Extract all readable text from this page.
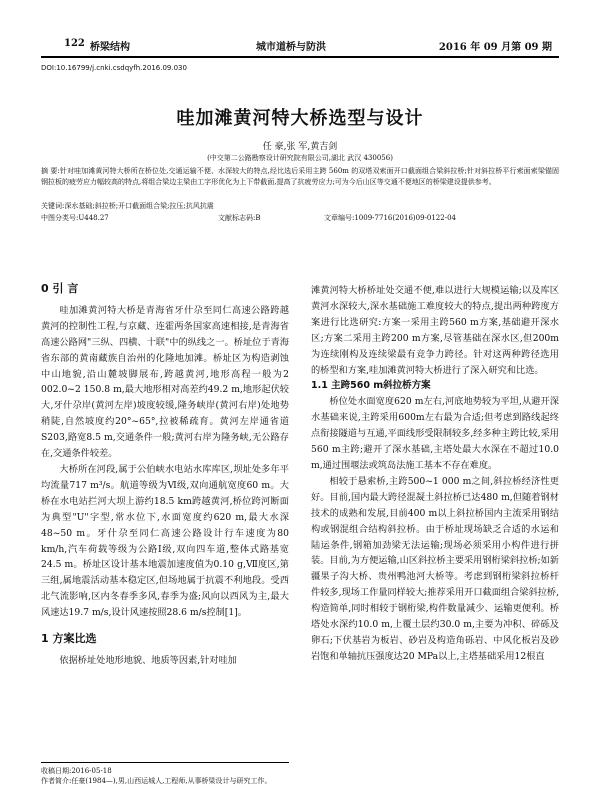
122 桥梁结构	城市道桥与防洪	2016 年 09 月第 09 期
DOI:10.16799/j.cnki.csdqyfh.2016.09.030
哇加滩黄河特大桥选型与设计
任 豪,张 军,黄吉剑
(中交第二公路勘察设计研究院有限公司,湖北 武汉 430056)
摘 要:针对哇加滩黄河特大桥所在桥位处,交通运输不便、水深较大的特点,经比选后采用主跨 560m 的双塔双索面开口截面组合梁斜拉桥;针对斜拉桥平行索面索梁锚固钢拉板的疲劳应力幅较高的特点,将组合梁边主梁由工字形优化为上下带截面,提高了抗疲劳应力;可为今后山区等交通不便地区的桥梁建设提供参考。
关键词:深水基础;斜拉桥;开口截面组合梁;拉压;抗风抗震
中图分类号:U448.27	文献标志码:B	文章编号:1009-7716(2016)09-0122-04
0 引 言

哇加滩黄河特大桥是青海省牙什尕至同仁高速公路跨越黄河的控制性工程,与京藏、连霍两条国家高速相接,是青海省高速公路网"三纵、四横、十联"中的纵线之一。桥址位于青海省东部的黄南藏族自治州的化隆地加滩。桥址区为构造剥蚀中山地貌,沿山麓坡脚展布,跨越黄河,地形高程一般为2 002.0~2 150.8 m,最大地形相对高差约49.2 m,地形起伏较大,牙什尕岸(黄河左岸)坡度较缓,隆务峡岸(黄河右岸)处地势稍陡,自然坡度约20°~65°,拉被稀疏育。黄河左岸通省道S203,路宽8.5 m,交通条件一般;黄河右岸为隆务峡,无公路存在,交通条件较差。

大桥所在河段,属于公伯峡水电站水库库区,坝址处多年平均流量717 m³/s。航道等级为Ⅵ级,双向通航宽度60 m。大桥在水电站拦河大坝上游约18.5 km跨越黄河,桥位跨河断面为典型"U"字型,常水位下,水面宽度约620 m,最大水深48~50 m。牙什尕至同仁高速公路设计行车速度为80 km/h,汽车荷载等级为公路Ⅰ级,双向四车道,整体式路基宽24.5 m。桥址区设计基本地震加速度值为0.10 g,Ⅶ度区,第三组,属地震活动基本稳定区,但场地属于抗震不利地段。受西北气流影响,区内冬春季多风,春季为盛;风向以西风为主,最大风速达19.7 m/s,设计风速按照28.6 m/s控制[1]。

1 方案比选

依据桥址处地形地貌、地质等因素,针对哇加

滩黄河特大桥桥址处交通不便,难以进行大规模运输;以及库区黄河水深较大,深水基础施工难度较大的特点,提出两种跨度方案进行比选研究:方案一采用主跨560 m方案,基础避开深水区;方案二采用主跨200 m方案,尽管基础在深水区,但200m为连续刚构及连续梁最有竞争力跨径。针对这两种跨径选用的桥型和方案,哇加滩黄河特大桥进行了深入研究和比选。

1.1 主跨560 m斜拉桥方案

桥位处水面宽度620 m左右,河底地势较为平坦,从避开深水基础来说,主跨采用600m左右最为合适;但考虑到路线起终点衔接隧道与互通,平面线形受限制较多,经多种主跨比较,采用560 m主跨;避开了深水基础,主塔处最大水深在不超过10.0 m,通过围堰法或筑岛法施工基本不存在难度。

相较于悬索桥,主跨500~1 000 m之间,斜拉桥经济性更好。目前,国内最大跨径混凝土斜拉桥已达480 m,但随着钢材技术的成熟和发展,目前400 m以上斜拉桥国内主流采用钢结构或钢混组合结构斜拉桥。由于桥址现场缺乏合适的水运和陆运条件,钢箱加劲梁无法运输;现场必须采用小构件进行拼装。目前,为方便运输,山区斜拉桥主要采用钢桁梁斜拉桥;如新疆果子沟大桥、贵州鸭池河大桥等。考虑到钢桁梁斜拉桥杆件较多,现场工作量同样较大;推荐采用开口截面组合梁斜拉桥,构造简单,同时相较于钢桁梁,构件数量减少、运输更便利。桥塔处水深约10.0 m,上覆土层约30.0 m,主要为冲积、碎砾及卵石;下伏基岩为板岩、砂岩及构造角砾岩、中风化板岩及砂岩饱和单轴抗压强度达20 MPa以上,主塔基础采用12根直

收稿日期:2016-05-18
作者简介:任豪(1984—),男,山西运城人,工程师,从事桥梁设计与研究工作。
